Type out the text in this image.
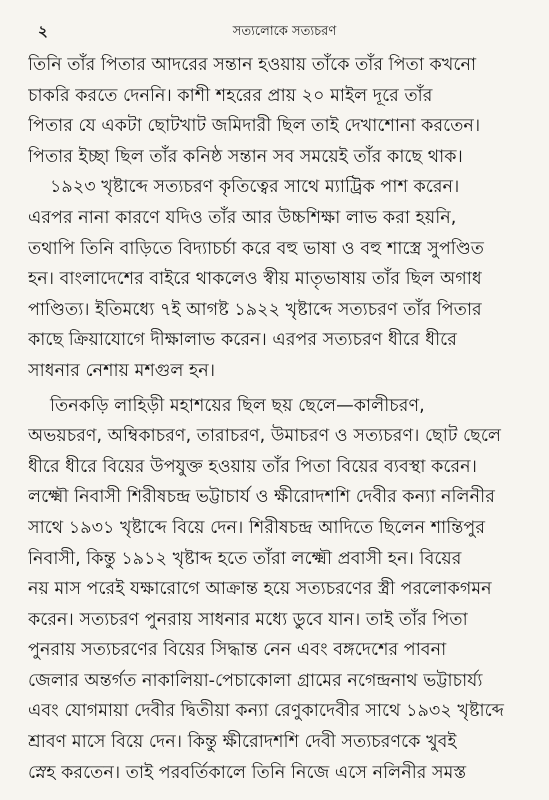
২	সত্যলোকে সত্যচরণ
তিনি তাঁর পিতার আদরের সন্তান হওয়ায় তাঁকে তাঁর পিতা কখনো
চাকরি করতে দেননি। কাশী শহরের প্রায় ২০ মাইল দূরে তাঁর
পিতার যে একটা ছোটখাট জমিদারী ছিল তাই দেখাশোনা করতেন।
পিতার ইচ্ছা ছিল তাঁর কনিষ্ঠ সন্তান সব সময়েই তাঁর কাছে থাক।
১৯২৩ খৃষ্টাব্দে সত্যচরণ কৃতিত্বের সাথে ম্যাট্রিক পাশ করেন।
এরপর নানা কারণে যদিও তাঁর আর উচ্চশিক্ষা লাভ করা হয়নি,
তথাপি তিনি বাড়িতে বিদ্যাচর্চা করে বহু ভাষা ও বহু শাস্ত্রে সুপণ্ডিত
হন। বাংলাদেশের বাইরে থাকলেও স্বীয় মাতৃভাষায় তাঁর ছিল অগাধ
পাণ্ডিত্য। ইতিমধ্যে ৭ই আগষ্ট ১৯২২ খৃষ্টাব্দে সত্যচরণ তাঁর পিতার
কাছে ক্রিয়াযোগে দীক্ষালাভ করেন। এরপর সত্যচরণ ধীরে ধীরে
সাধনার নেশায় মশগুল হন।
তিনকড়ি লাহিড়ী মহাশয়ের ছিল ছয় ছেলে—কালীচরণ,
অভয়চরণ, অম্বিকাচরণ, তারাচরণ, উমাচরণ ও সত্যচরণ। ছোট ছেলে
ধীরে ধীরে বিয়ের উপযুক্ত হওয়ায় তাঁর পিতা বিয়ের ব্যবস্থা করেন।
লক্ষ্মৌ নিবাসী শিরীষচন্দ্র ভট্টাচার্য ও ক্ষীরোদশশি দেবীর কন্যা নলিনীর
সাথে ১৯৩১ খৃষ্টাব্দে বিয়ে দেন। শিরীষচন্দ্র আদিতে ছিলেন শান্তিপুর
নিবাসী, কিন্তু ১৯১২ খৃষ্টাব্দ হতে তাঁরা লক্ষ্মৌ প্রবাসী হন। বিয়ের
নয় মাস পরেই যক্ষারোগে আক্রান্ত হয়ে সত্যচরণের স্ত্রী পরলোকগমন
করেন। সত্যচরণ পুনরায় সাধনার মধ্যে ডুবে যান। তাই তাঁর পিতা
পুনরায় সত্যচরণের বিয়ের সিদ্ধান্ত নেন এবং বঙ্গদেশের পাবনা
জেলার অন্তর্গত নাকালিয়া-পেচাকোলা গ্রামের নগেন্দ্রনাথ ভট্টাচার্য্য
এবং যোগমায়া দেবীর দ্বিতীয়া কন্যা রেণুকাদেবীর সাথে ১৯৩২ খৃষ্টাব্দে
শ্রাবণ মাসে বিয়ে দেন। কিন্তু ক্ষীরোদশশি দেবী সত্যচরণকে খুবই
স্নেহ করতেন। তাই পরবর্তিকালে তিনি নিজে এসে নলিনীর সমস্ত
